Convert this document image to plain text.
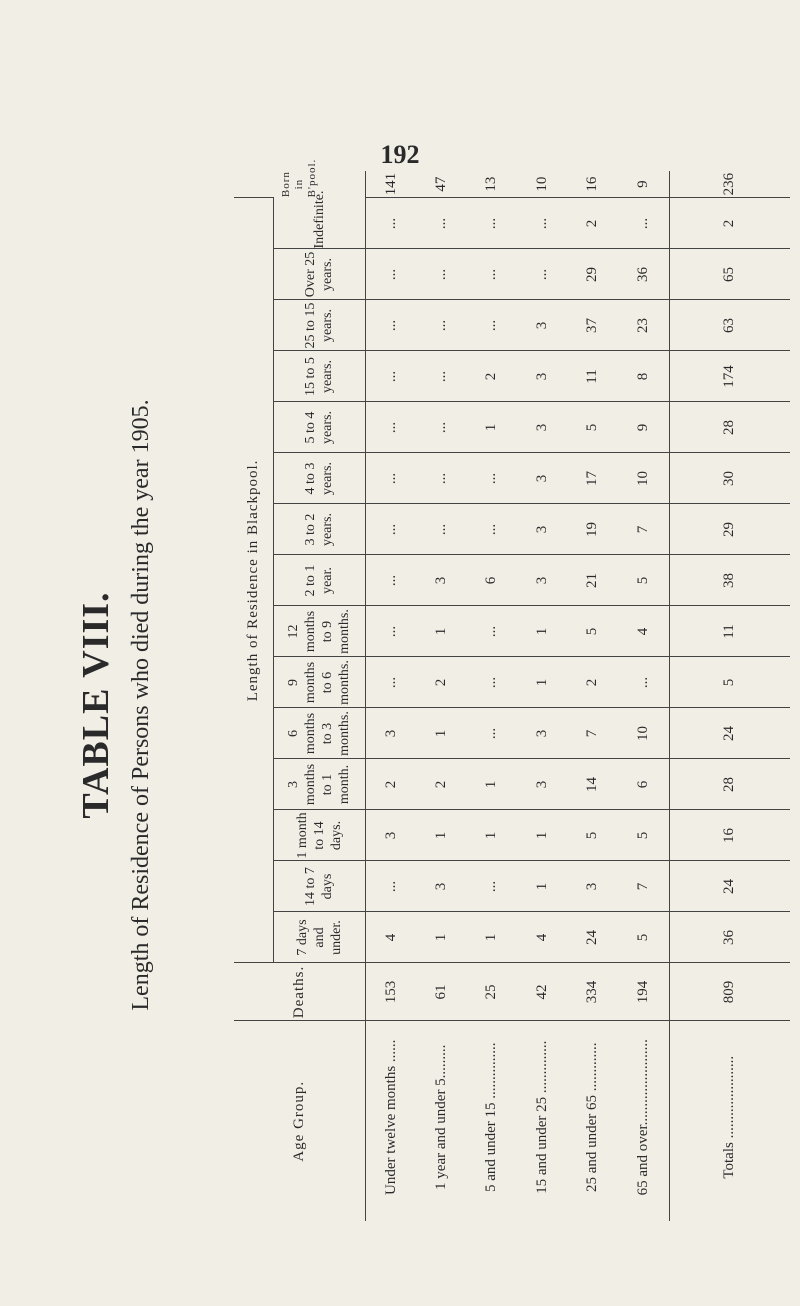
192
TABLE VIII. Length of Residence of Persons who died during the year 1905.
Age Group.	Deaths.	Length of Residence in Blackpool.															Born in B'pool.
		7 days and under.	14 to 7 days	1 month to 14 days.	3 months to 1 month.	6 months to 3 months.	9 months to 6 months.	12 months to 9 months.	2 to 1 year.	3 to 2 years.	4 to 3 years.	5 to 4 years.	15 to 5 years.	25 to 15 years.	Over 25 years.	Indefinite.	
Under twelve months ......	153	4	...	3	2	3	...	...	...	...	...	...	...	...	...	...	141
1 year and under 5.........	61	1	3	1	2	1	2	1	3	...	...	...	...	...	...	...	47
5 and under 15 ...............	25	1	...	1	1	...	...	...	6	...	...	1	2	...	...	...	13
15 and under 25 ..............	42	4	1	1	3	3	1	1	3	3	3	3	3	3	...	...	10
25 and under 65 .............	334	24	3	5	14	7	2	5	21	19	17	5	11	37	29	2	16
65 and over.......................	194	5	7	5	6	10	...	4	5	7	10	9	8	23	36	...	9
Totals ......................	809	36	24	16	28	24	5	11	38	29	30	28	174	63	65	2	236
